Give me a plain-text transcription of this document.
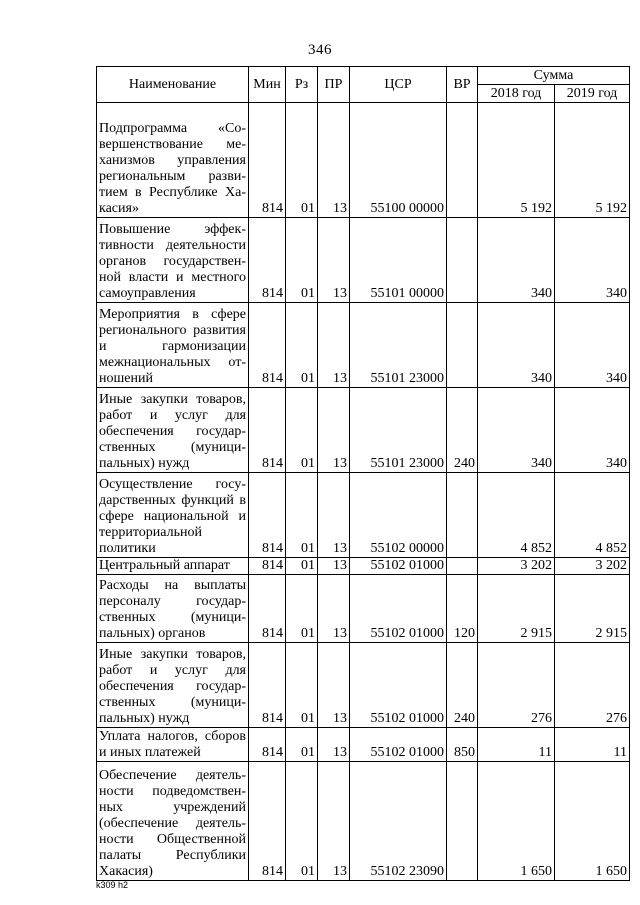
346
Наименование	Мин	Рз	ПР	ЦСР	ВР	Сумма	
						2018 год	2019 год
Подпрограмма «Совершенствование механизмов управления региональным развитием в Республике Хакасия»	814	01	13	55100 00000		5 192	5 192
Повышение эффективности деятельности органов государственной власти и местного самоуправления	814	01	13	55101 00000		340	340
Мероприятия в сфере регионального развития и гармонизации межнациональных отношений	814	01	13	55101 23000		340	340
Иные закупки товаров, работ и услуг для обеспечения государственных (муниципальных) нужд	814	01	13	55101 23000	240	340	340
Осуществление государственных функций в сфере национальной и территориальной политики	814	01	13	55102 00000		4 852	4 852
Центральный аппарат	814	01	13	55102 01000		3 202	3 202
Расходы на выплаты персоналу государственных (муниципальных) органов	814	01	13	55102 01000	120	2 915	2 915
Иные закупки товаров, работ и услуг для обеспечения государственных (муниципальных) нужд	814	01	13	55102 01000	240	276	276
Уплата налогов, сборов и иных платежей	814	01	13	55102 01000	850	11	11
Обеспечение деятельности подведомственных учреждений (обеспечение деятельности Общественной палаты Республики Хакасия)	814	01	13	55102 23090		1 650	1 650
k309 h2
